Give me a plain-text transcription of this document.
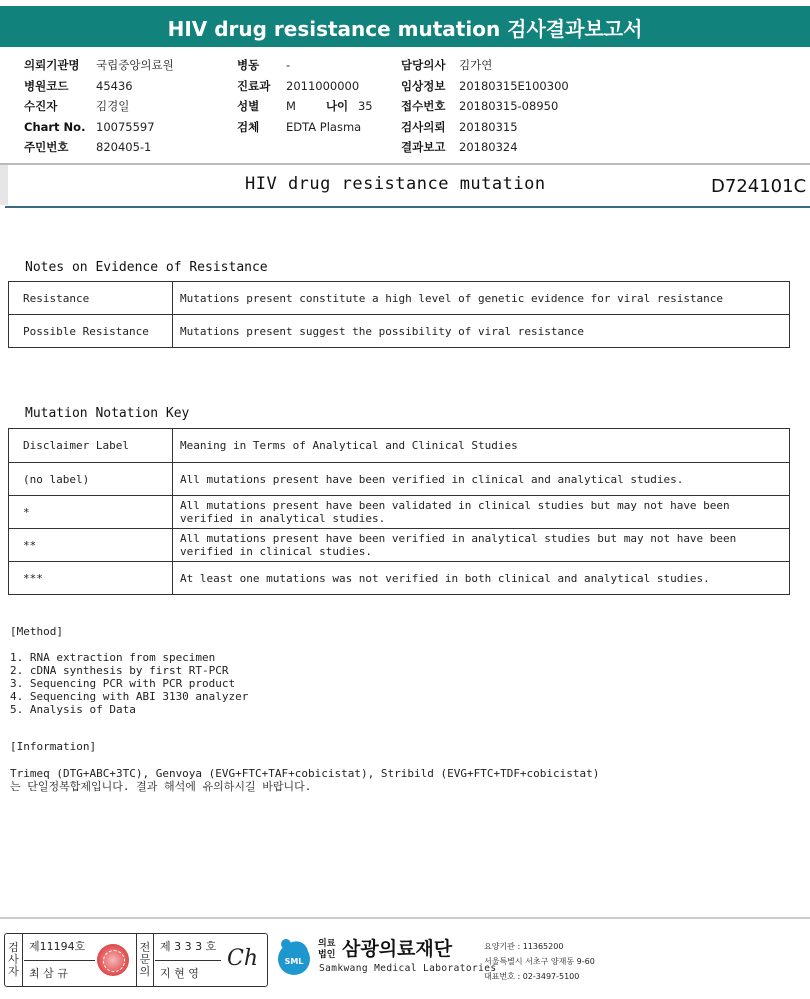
HIV drug resistance mutation 검사결과보고서
의뢰기관명	국립중앙의료원
병원코드	45436
수진자	김경일
Chart No. 10075597
주민번호	820405-1
병동	-
진료과	2011000000
성별	M	나이 35
검체	EDTA Plasma
담당의사	김가연
임상정보	20180315E100300
접수번호	20180315-08950
검사의뢰	20180315
결과보고	20180324
HIV drug resistance mutation	D724101C
Notes on Evidence of Resistance
Resistance	Mutations present constitute a high level of genetic evidence for viral resistance
Possible Resistance	Mutations present suggest the possibility of viral resistance
Mutation Notation Key
Disclaimer Label	Meaning in Terms of Analytical and Clinical Studies
(no label)	All mutations present have been verified in clinical and analytical studies.
*	All mutations present have been validated in clinical studies but may not have been verified in analytical studies.
**	All mutations present have been verified in analytical studies but may not have been verified in clinical studies.
***	At least one mutations was not verified in both clinical and analytical studies.
[Method]
1. RNA extraction from specimen
2. cDNA synthesis by first RT-PCR
3. Sequencing PCR with PCR product
4. Sequencing with ABI 3130 analyzer
5. Analysis of Data
[Information]
Trimeq (DTG+ABC+3TC), Genvoya (EVG+FTC+TAF+cobicistat), Stribild (EVG+FTC+TDF+cobicistat)
는 단일정복합제입니다. 결과 해석에 유의하시길 바랍니다.
검
사
자
제11194호
최 삼 규
전
문
의
제 3 3 3 호
지 현 영
Ch	SML
의료
법인 삼광의료재단
Samkwang Medical Laboratories
요양기관 : 11365200
서울특별시 서초구 양재동 9-60
대표번호 : 02-3497-5100
